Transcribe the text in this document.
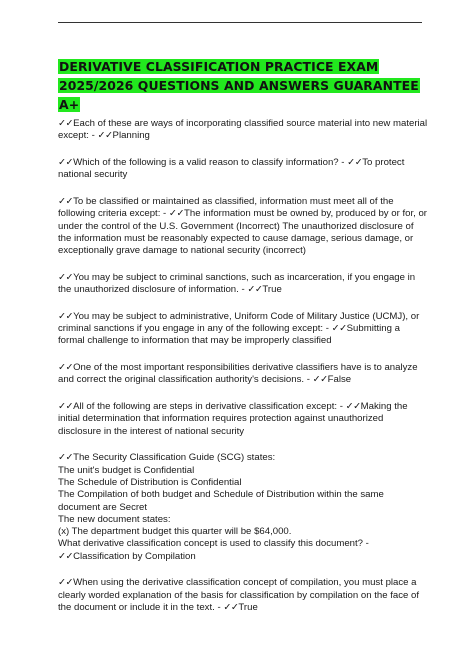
DERIVATIVE CLASSIFICATION PRACTICE EXAM 2025/2026 QUESTIONS AND ANSWERS GUARANTEE A+

✓✓Each of these are ways of incorporating classified source material into new material except: - ✓✓Planning

✓✓Which of the following is a valid reason to classify information? - ✓✓To protect national security

✓✓To be classified or maintained as classified, information must meet all of the following criteria except: - ✓✓The information must be owned by, produced by or for, or under the control of the U.S. Government (Incorrect) The unauthorized disclosure of the information must be reasonably expected to cause damage, serious damage, or exceptionally grave damage to national security (incorrect)

✓✓You may be subject to criminal sanctions, such as incarceration, if you engage in the unauthorized disclosure of information. - ✓✓True

✓✓You may be subject to administrative, Uniform Code of Military Justice (UCMJ), or criminal sanctions if you engage in any of the following except: - ✓✓Submitting a formal challenge to information that may be improperly classified

✓✓One of the most important responsibilities derivative classifiers have is to analyze and correct the original classification authority's decisions. - ✓✓False

✓✓All of the following are steps in derivative classification except: - ✓✓Making the initial determination that information requires protection against unauthorized disclosure in the interest of national security

✓✓The Security Classification Guide (SCG) states:
The unit's budget is Confidential
The Schedule of Distribution is Confidential
The Compilation of both budget and Schedule of Distribution within the same document are Secret
The new document states:
(x) The department budget this quarter will be $64,000.
What derivative classification concept is used to classify this document? - ✓✓Classification by Compilation

✓✓When using the derivative classification concept of compilation, you must place a clearly worded explanation of the basis for classification by compilation on the face of the document or include it in the text. - ✓✓True
